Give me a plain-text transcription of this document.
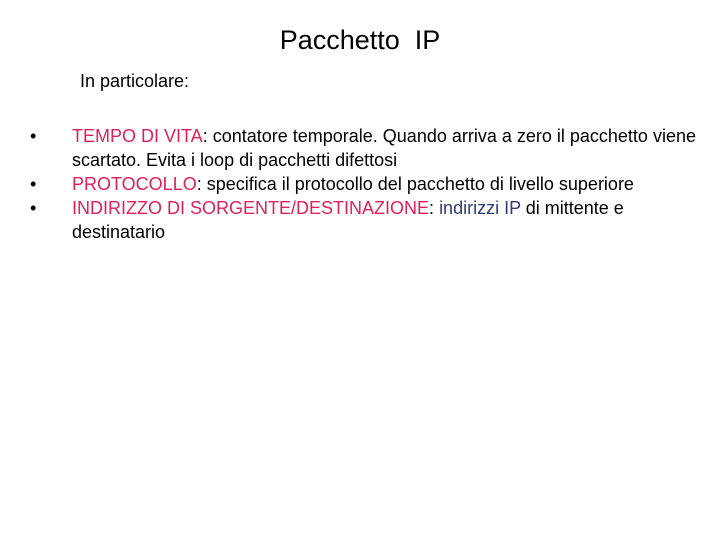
Pacchetto  IP
In particolare:
•	TEMPO DI VITA: contatore temporale. Quando arriva a zero il pacchetto viene scartato. Evita i loop di pacchetti difettosi
•	PROTOCOLLO: specifica il protocollo del pacchetto di livello superiore
•	INDIRIZZO DI SORGENTE/DESTINAZIONE: indirizzi IP di mittente e destinatario
